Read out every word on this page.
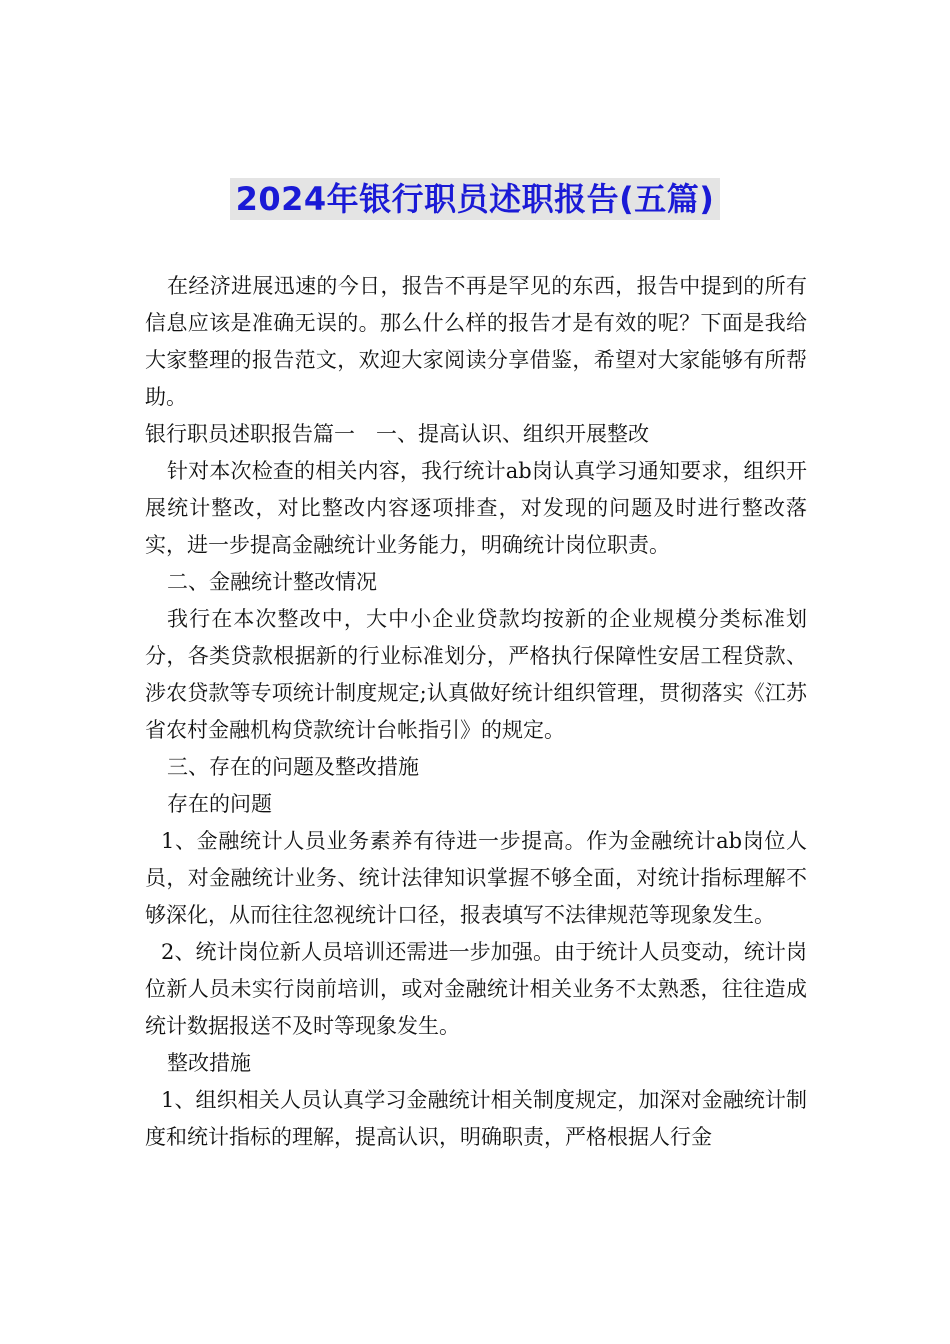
2024年银行职员述职报告(五篇)

在经济进展迅速的今日，报告不再是罕见的东西，报告中提到的所有信息应该是准确无误的。那么什么样的报告才是有效的呢？下面是我给大家整理的报告范文，欢迎大家阅读分享借鉴，希望对大家能够有所帮助。

银行职员述职报告篇一　一、提高认识、组织开展整改

针对本次检查的相关内容，我行统计ab岗认真学习通知要求，组织开展统计整改，对比整改内容逐项排查，对发现的问题及时进行整改落实，进一步提高金融统计业务能力，明确统计岗位职责。

二、金融统计整改情况

我行在本次整改中，大中小企业贷款均按新的企业规模分类标准划分，各类贷款根据新的行业标准划分，严格执行保障性安居工程贷款、涉农贷款等专项统计制度规定;认真做好统计组织管理，贯彻落实《江苏省农村金融机构贷款统计台帐指引》的规定。

三、存在的问题及整改措施

存在的问题

1、金融统计人员业务素养有待进一步提高。作为金融统计ab岗位人员，对金融统计业务、统计法律知识掌握不够全面，对统计指标理解不够深化，从而往往忽视统计口径，报表填写不法律规范等现象发生。

2、统计岗位新人员培训还需进一步加强。由于统计人员变动，统计岗位新人员未实行岗前培训，或对金融统计相关业务不太熟悉，往往造成统计数据报送不及时等现象发生。

整改措施

1、组织相关人员认真学习金融统计相关制度规定，加深对金融统计制度和统计指标的理解，提高认识，明确职责，严格根据人行金
